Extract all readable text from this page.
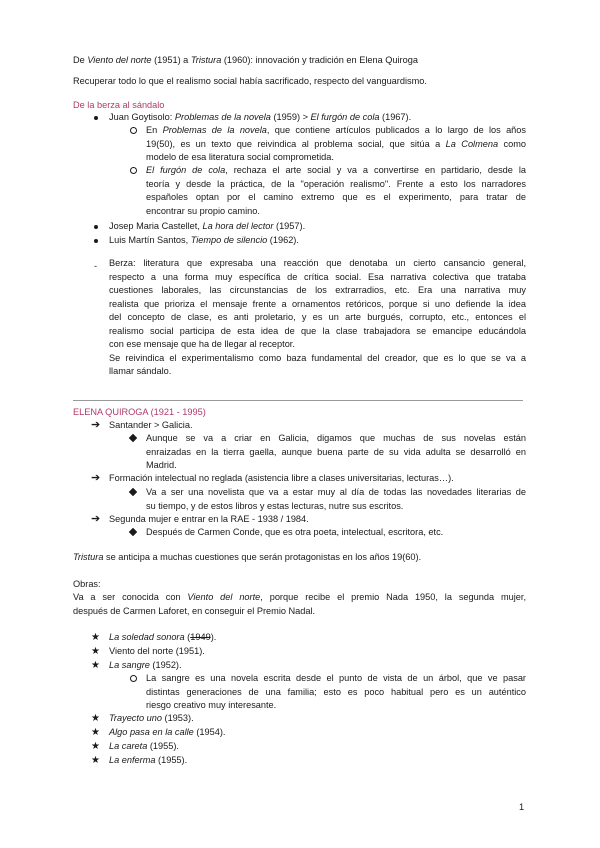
De Viento del norte (1951) a Tristura (1960): innovación y tradición en Elena Quiroga
Recuperar todo lo que el realismo social había sacrificado, respecto del vanguardismo.
De la berza al sándalo
Juan Goytisolo: Problemas de la novela (1959) > El furgón de cola (1967).
En Problemas de la novela, que contiene artículos publicados a lo largo de los años
19(50), es un texto que reivindica al problema social, que sitúa a La Colmena como
modelo de esa literatura social comprometida.
El furgón de cola, rechaza el arte social y va a convertirse en partidario, desde la
teoría y desde la práctica, de la "operación realismo". Frente a esto los narradores
españoles optan por el camino extremo que es el experimento, para tratar de
encontrar su propio camino.
Josep Maria Castellet, La hora del lector (1957).
Luis Martín Santos, Tiempo de silencio (1962).
- Berza: literatura que expresaba una reacción que denotaba un cierto cansancio general,
respecto a una forma muy específica de crítica social. Esa narrativa colectiva que trataba
cuestiones laborales, las circunstancias de los extrarradios, etc. Era una narrativa muy
realista que prioriza el mensaje frente a ornamentos retóricos, porque si uno defiende la idea
del concepto de clase, es anti proletario, y es un arte burgués, corrupto, etc., entonces el
realismo social participa de esta idea de que la clase trabajadora se emancipe educándola
con ese mensaje que ha de llegar al receptor.
Se reivindica el experimentalismo como baza fundamental del creador, que es lo que se va a
llamar sándalo.
ELENA QUIROGA (1921 - 1995)
➔ Santander > Galicia.
Aunque se va a criar en Galicia, digamos que muchas de sus novelas están
enraizadas en la tierra gaella, aunque buena parte de su vida adulta se desarrolló en
Madrid.
➔ Formación intelectual no reglada (asistencia libre a clases universitarias, lecturas…).
Va a ser una novelista que va a estar muy al día de todas las novedades literarias de
su tiempo, y de estos libros y estas lecturas, nutre sus escritos.
➔ Segunda mujer e entrar en la RAE - 1938 / 1984.
Después de Carmen Conde, que es otra poeta, intelectual, escritora, etc.
Tristura se anticipa a muchas cuestiones que serán protagonistas en los años 19(60).
Obras:
Va a ser conocida con Viento del norte, porque recibe el premio Nada 1950, la segunda mujer,
después de Carmen Laforet, en conseguir el Premio Nadal.
★ La soledad sonora (1949).
★ Viento del norte (1951).
★ La sangre (1952).
La sangre es una novela escrita desde el punto de vista de un árbol, que ve pasar
distintas generaciones de una familia; esto es poco habitual pero es un auténtico
riesgo creativo muy interesante.
★ Trayecto uno (1953).
★ Algo pasa en la calle (1954).
★ La careta (1955).
★ La enferma (1955).
1
